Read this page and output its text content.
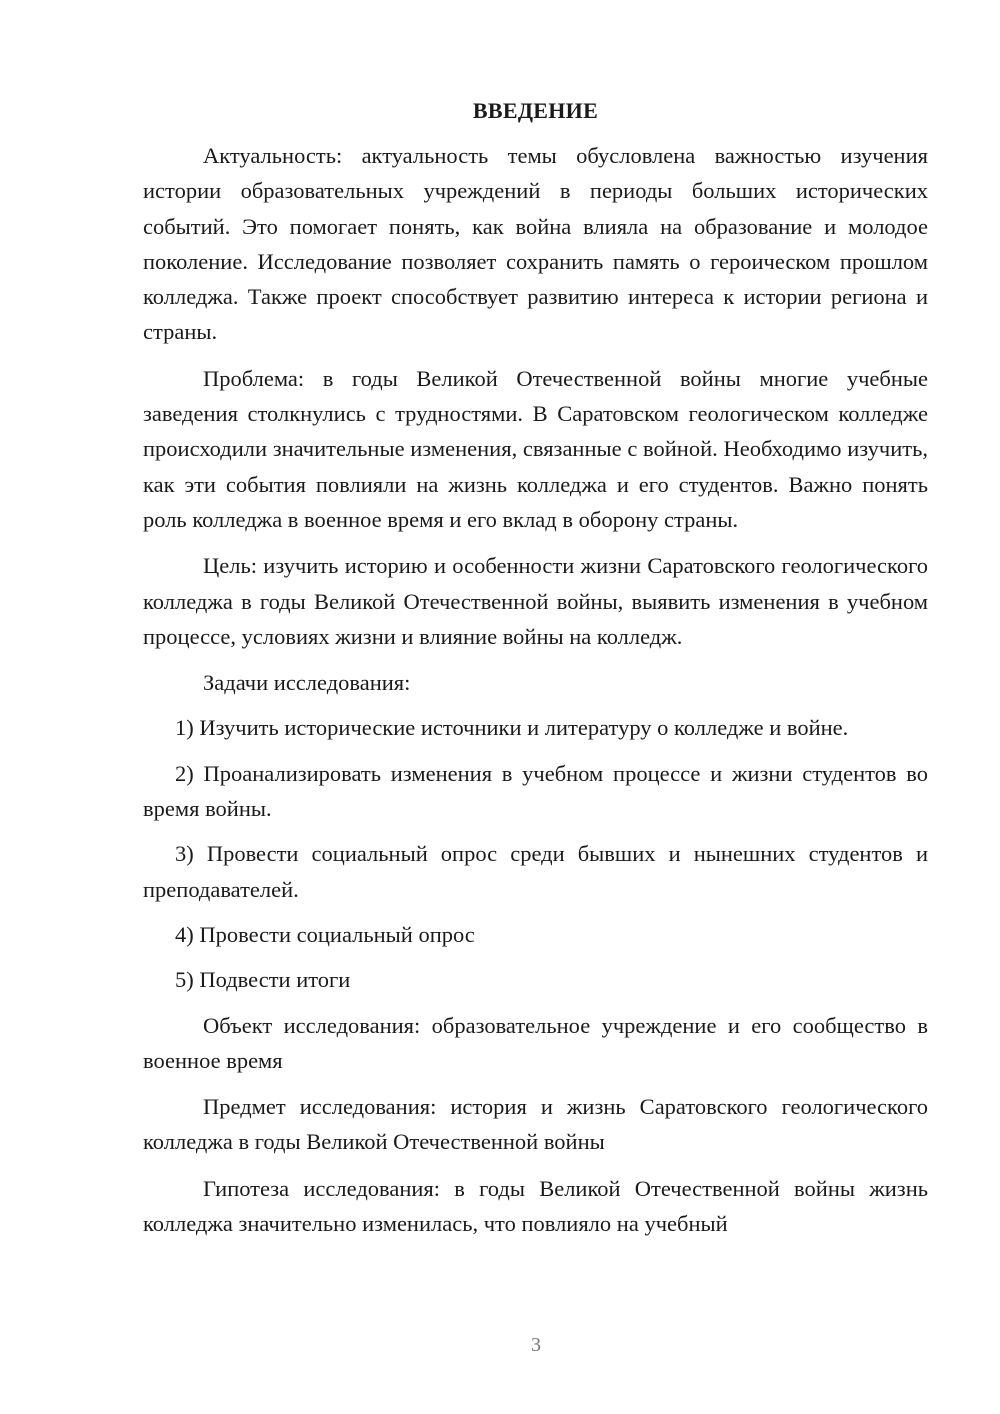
ВВЕДЕНИЕ

Актуальность: актуальность темы обусловлена важностью изучения истории образовательных учреждений в периоды больших исторических событий. Это помогает понять, как война влияла на образование и молодое поколение. Исследование позволяет сохранить память о героическом прошлом колледжа. Также проект способствует развитию интереса к истории региона и страны.

Проблема: в годы Великой Отечественной войны многие учебные заведения столкнулись с трудностями. В Саратовском геологическом колледже происходили значительные изменения, связанные с войной. Необходимо изучить, как эти события повлияли на жизнь колледжа и его студентов. Важно понять роль колледжа в военное время и его вклад в оборону страны.

Цель: изучить историю и особенности жизни Саратовского геологического колледжа в годы Великой Отечественной войны, выявить изменения в учебном процессе, условиях жизни и влияние войны на колледж.

Задачи исследования:

1) Изучить исторические источники и литературу о колледже и войне.

2) Проанализировать изменения в учебном процессе и жизни студентов во время войны.

3) Провести социальный опрос среди бывших и нынешних студентов и преподавателей.

4) Провести социальный опрос

5) Подвести итоги

Объект исследования: образовательное учреждение и его сообщество в военное время

Предмет исследования: история и жизнь Саратовского геологического колледжа в годы Великой Отечественной войны

Гипотеза исследования: в годы Великой Отечественной войны жизнь колледжа значительно изменилась, что повлияло на учебный

3
